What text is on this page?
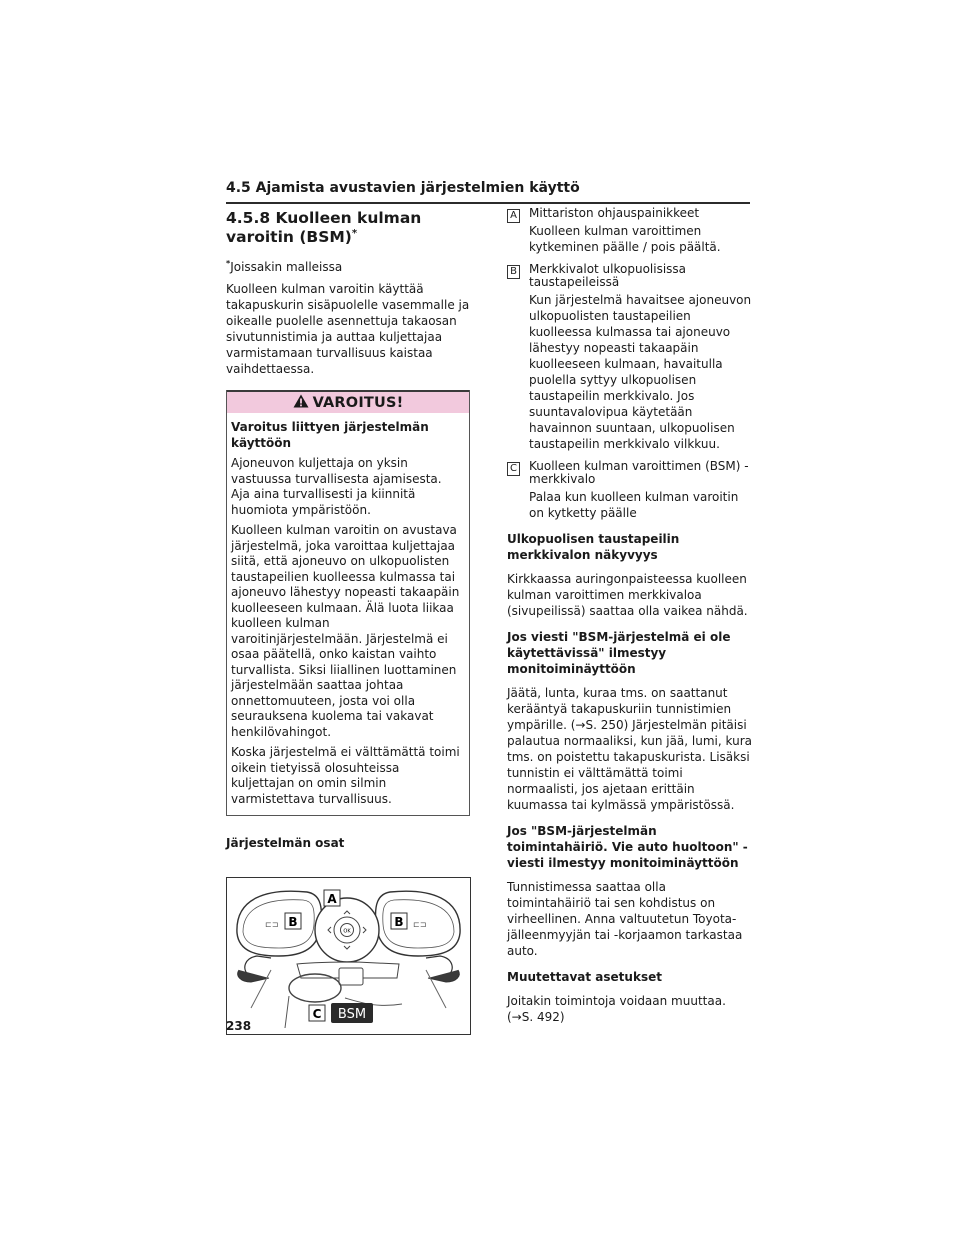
4.5 Ajamista avustavien järjestelmien käyttö
4.5.8 Kuolleen kulman varoitin (BSM)*
*Joissakin malleissa
Kuolleen kulman varoitin käyttää takapuskurin sisäpuolelle vasemmalle ja oikealle puolelle asennettuja takaosan sivutunnistimia ja auttaa kuljettajaa varmistamaan turvallisuus kaistaa vaihdettaessa.
VAROITUS!
Varoitus liittyen järjestelmän käyttöön
Ajoneuvon kuljettaja on yksin vastuussa turvallisesta ajamisesta. Aja aina turvallisesti ja kiinnitä huomiota ympäristöön.
Kuolleen kulman varoitin on avustava järjestelmä, joka varoittaa kuljettajaa siitä, että ajoneuvo on ulkopuolisten taustapeilien kuolleessa kulmassa tai ajoneuvo lähestyy nopeasti takaapäin kuolleeseen kulmaan. Älä luota liikaa kuolleen kulman varoitinjärjestelmään. Järjestelmä ei osaa päätellä, onko kaistan vaihto turvallista. Siksi liiallinen luottaminen järjestelmään saattaa johtaa onnettomuuteen, josta voi olla seurauksena kuolema tai vakavat henkilövahingot.
Koska järjestelmä ei välttämättä toimi oikein tietyissä olosuhteissa kuljettajan on omin silmin varmistettava turvallisuus.
Järjestelmän osat
⊏⊐	⊏⊐
B	B
OK
A
C BSM
A Mittariston ohjauspainikkeet
Kuolleen kulman varoittimen kytkeminen päälle / pois päältä.
B Merkkivalot ulkopuolisissa taustapeileissä
Kun järjestelmä havaitsee ajoneuvon ulkopuolisten taustapeilien kuolleessa kulmassa tai ajoneuvo lähestyy nopeasti takaapäin kuolleeseen kulmaan, havaitulla puolella syttyy ulkopuolisen taustapeilin merkkivalo. Jos suuntavalovipua käytetään havainnon suuntaan, ulkopuolisen taustapeilin merkkivalo vilkkuu.
C Kuolleen kulman varoittimen (BSM) -merkkivalo
Palaa kun kuolleen kulman varoitin on kytketty päälle
Ulkopuolisen taustapeilin merkkivalon näkyvyys
Kirkkaassa auringonpaisteessa kuolleen kulman varoittimen merkkivaloa (sivupeilissä) saattaa olla vaikea nähdä.
Jos viesti "BSM-järjestelmä ei ole käytettävissä" ilmestyy monitoiminäyttöön
Jäätä, lunta, kuraa tms. on saattanut kerääntyä takapuskuriin tunnistimien ympärille. (→S. 250) Järjestelmän pitäisi palautua normaaliksi, kun jää, lumi, kura tms. on poistettu takapuskurista. Lisäksi tunnistin ei välttämättä toimi normaalisti, jos ajetaan erittäin kuumassa tai kylmässä ympäristössä.
Jos "BSM-järjestelmän toimintahäiriö. Vie auto huoltoon" -viesti ilmestyy monitoiminäyttöön
Tunnistimessa saattaa olla toimintahäiriö tai sen kohdistus on virheellinen. Anna valtuutetun Toyota-jälleenmyyjän tai -korjaamon tarkastaa auto.
Muutettavat asetukset
Joitakin toimintoja voidaan muuttaa. (→S. 492)
238
